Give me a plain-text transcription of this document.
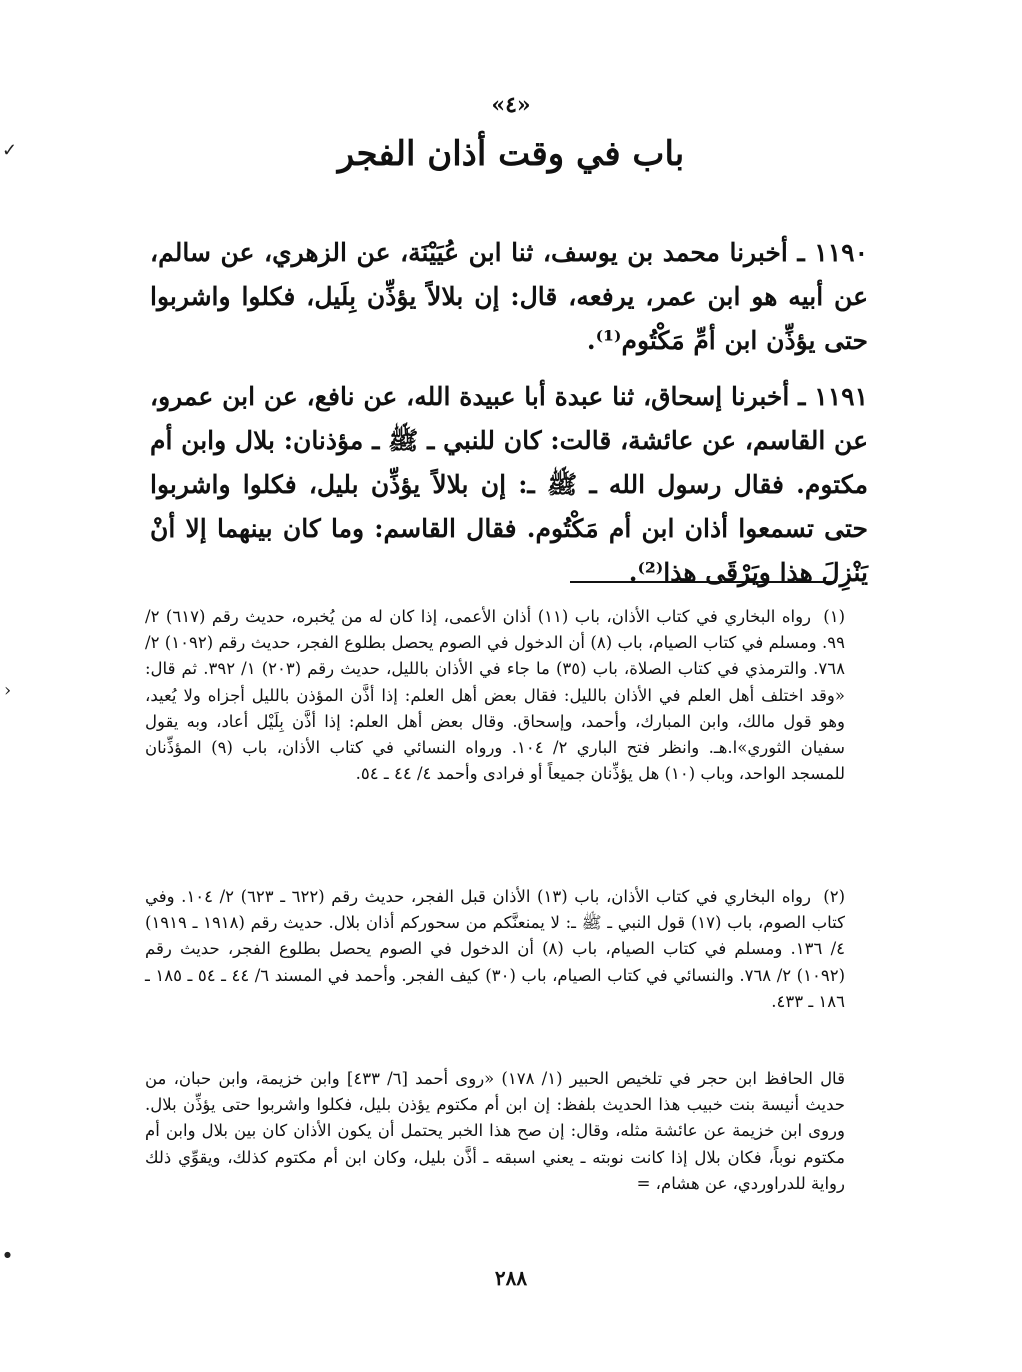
«٤»
باب في وقت أذان الفجر

١١٩٠ ـ أخبرنا محمد بن يوسف، ثنا ابن عُيَيْنَة، عن الزهري، عن سالم، عن أبيه هو ابن عمر، يرفعه، قال: إن بلالاً يؤذِّن بِلَيل، فكلوا واشربوا حتى يؤذِّن ابن أمِّ مَكْتُوم⁽¹⁾.

١١٩١ ـ أخبرنا إسحاق، ثنا عبدة أبا عبيدة الله، عن نافع، عن ابن عمرو، عن القاسم، عن عائشة، قالت: كان للنبي ـ ﷺ ـ مؤذنان: بلال وابن أم مكتوم. فقال رسول الله ـ ﷺ ـ: إن بلالاً يؤذِّن بليل، فكلوا واشربوا حتى تسمعوا أذان ابن أم مَكْتُوم. فقال القاسم: وما كان بينهما إلا أنْ يَنْزِلَ هذا ويَرْقَى هذا⁽²⁾.

(١)رواه البخاري في كتاب الأذان، باب (١١) أذان الأعمى، إذا كان له من يُخبره، حديث رقم (٦١٧) ٢/ ٩٩. ومسلم في كتاب الصيام، باب (٨) أن الدخول في الصوم يحصل بطلوع الفجر، حديث رقم (١٠٩٢) ٢/ ٧٦٨. والترمذي في كتاب الصلاة، باب (٣٥) ما جاء في الأذان بالليل، حديث رقم (٢٠٣) ١/ ٣٩٢. ثم قال: «وقد اختلف أهل العلم في الأذان بالليل: فقال بعض أهل العلم: إذا أذَّن المؤذن بالليل أجزاه ولا يُعيد، وهو قول مالك، وابن المبارك، وأحمد، وإسحاق. وقال بعض أهل العلم: إذا أذَّن بِلَيْل أعاد، وبه يقول سفيان الثوري»ا.هـ. وانظر فتح الباري ٢/ ١٠٤. ورواه النسائي في كتاب الأذان، باب (٩) المؤذِّنان للمسجد الواحد، وباب (١٠) هل يؤذِّنان جميعاً أو فرادى وأحمد ٤/ ٤٤ ـ ٥٤.
(٢)رواه البخاري في كتاب الأذان، باب (١٣) الأذان قبل الفجر، حديث رقم (٦٢٢ ـ ٦٢٣) ٢/ ١٠٤. وفي كتاب الصوم، باب (١٧) قول النبي ـ ﷺ ـ: لا يمنعنَّكم من سحوركم أذان بلال. حديث رقم (١٩١٨ ـ ١٩١٩) ٤/ ١٣٦. ومسلم في كتاب الصيام، باب (٨) أن الدخول في الصوم يحصل بطلوع الفجر، حديث رقم (١٠٩٢) ٢/ ٧٦٨. والنسائي في كتاب الصيام، باب (٣٠) كيف الفجر. وأحمد في المسند ٦/ ٤٤ ـ ٥٤ ـ ١٨٥ ـ ١٨٦ ـ ٤٣٣.
قال الحافظ ابن حجر في تلخيص الحبير (١/ ١٧٨) «روى أحمد [٦/ ٤٣٣] وابن خزيمة، وابن حبان، من حديث أنيسة بنت خبيب هذا الحديث بلفظ: إن ابن أم مكتوم يؤذن بليل، فكلوا واشربوا حتى يؤذِّن بلال. وروى ابن خزيمة عن عائشة مثله، وقال: إن صح هذا الخبر يحتمل أن يكون الأذان كان بين بلال وابن أم مكتوم نوباً، فكان بلال إذا كانت نوبته ـ يعني اسبقه ـ أذَّن بليل، وكان ابن أم مكتوم كذلك، ويقوِّي ذلك رواية للدراوردي، عن هشام، =
٢٨٨
✓
›
●
